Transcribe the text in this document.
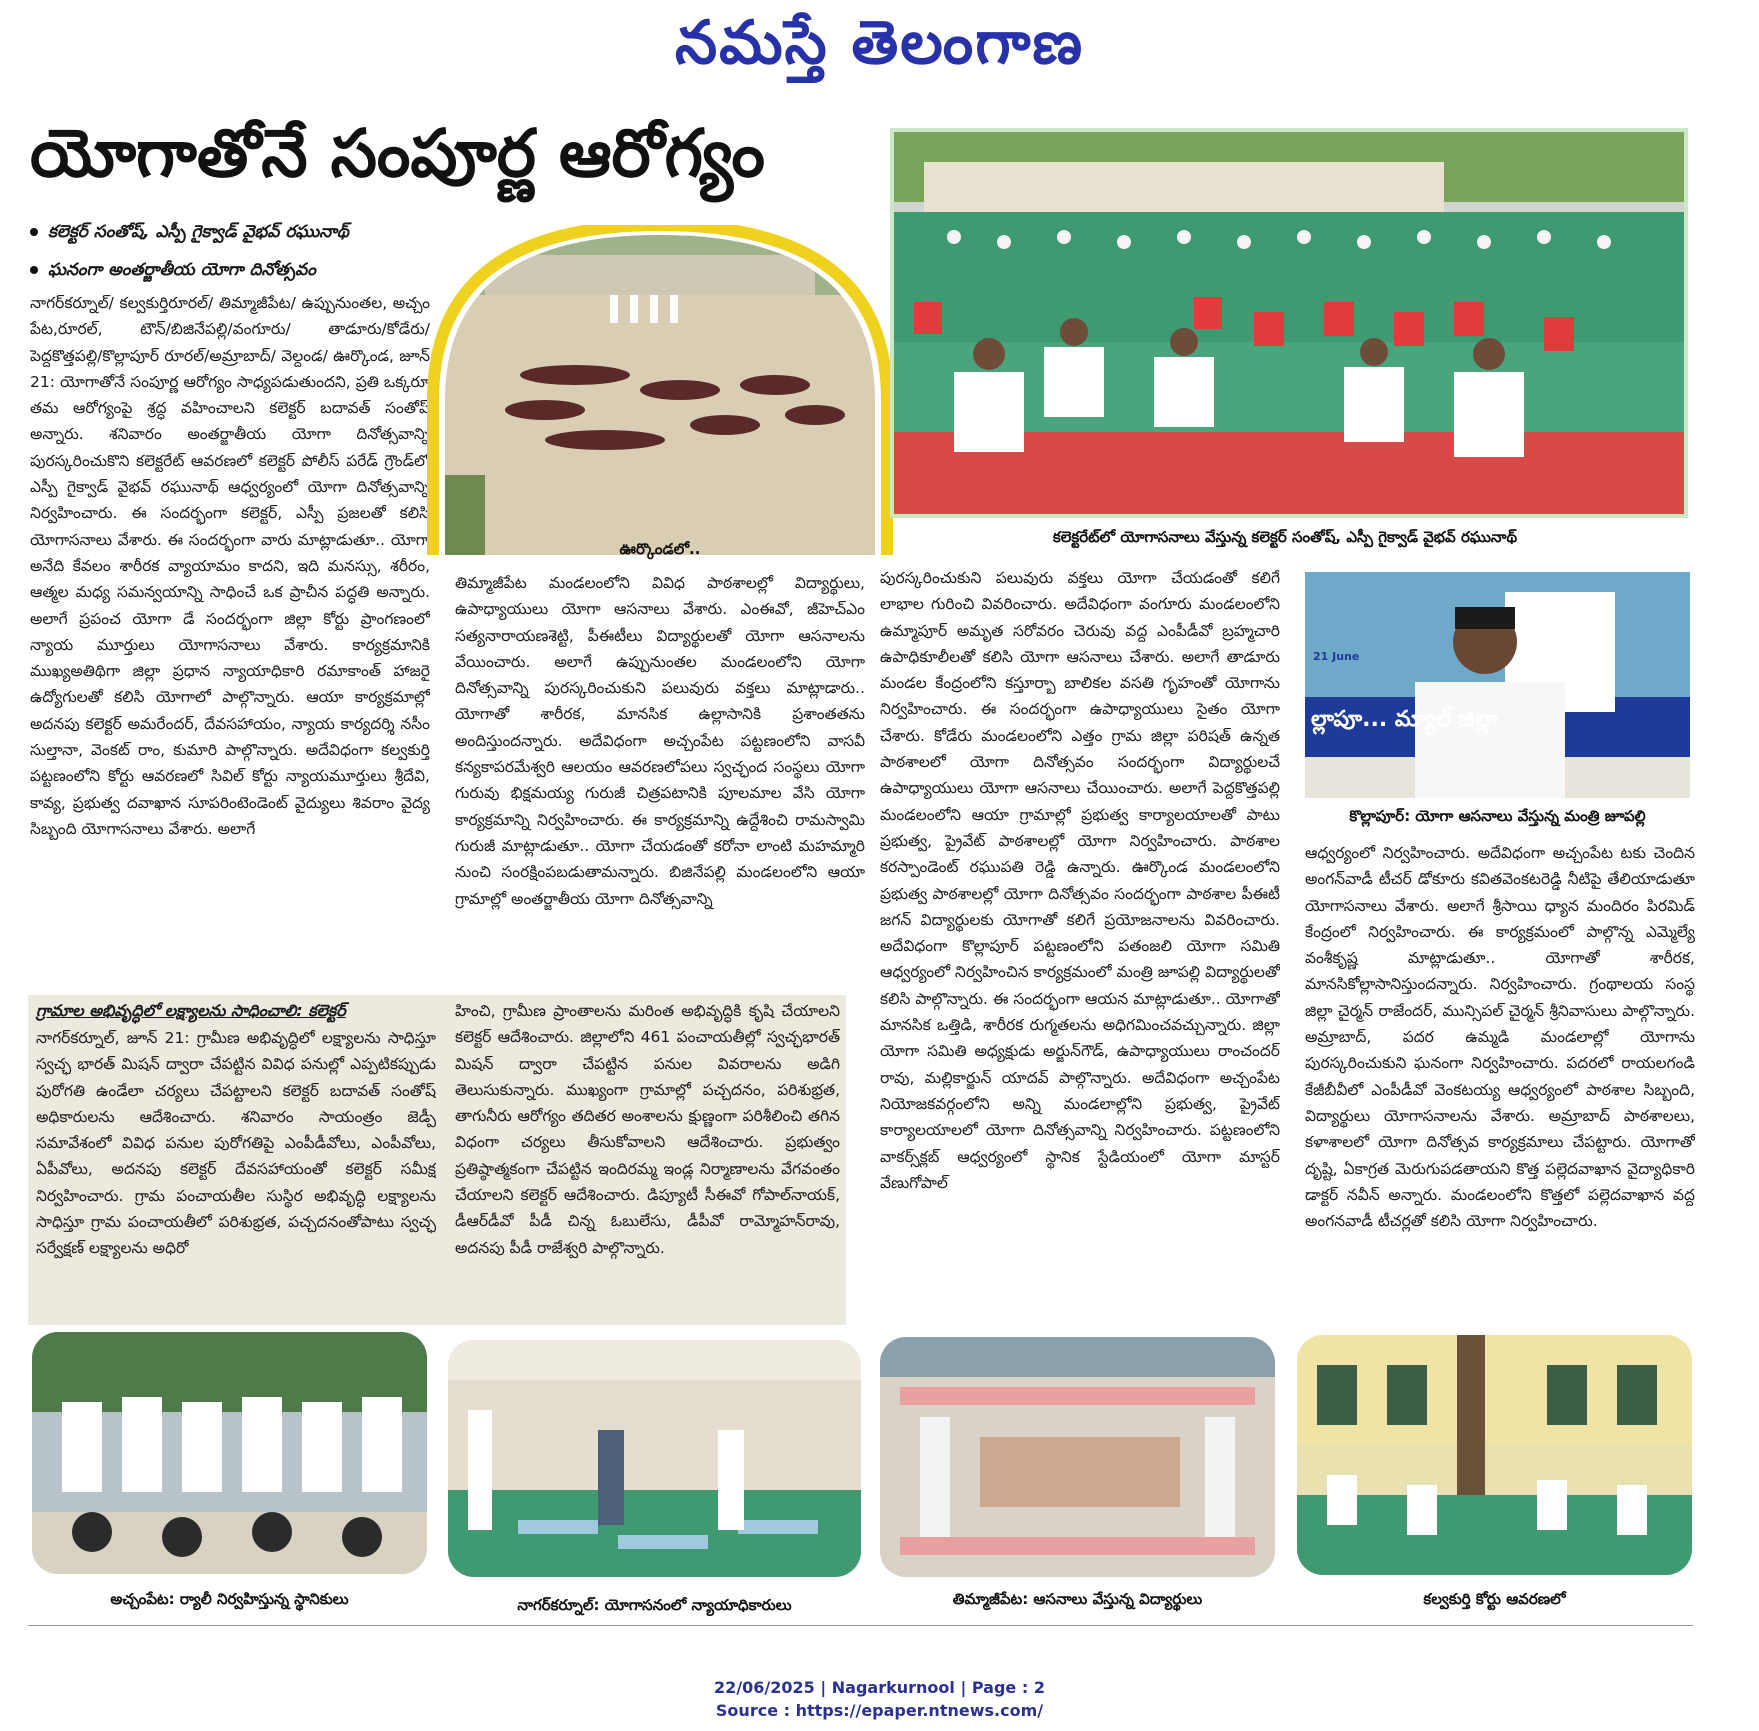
నమస్తే తెలంగాణ
యోగాతోనే సంపూర్ణ ఆరోగ్యం
కలెక్టర్ సంతోష్, ఎస్పీ గైక్వాడ్ వైభవ్ రఘునాథ్
ఘనంగా అంతర్జాతీయ యోగా దినోత్సవం
నాగర్‌కర్నూల్/ కల్వకుర్తిరూరల్/ తిమ్మాజీపేట/ ఉప్పునుంతల, అచ్చం పేట,రూరల్, టౌన్/బిజినేపల్లి/వంగూరు/ తాడూరు/కోడేరు/పెద్దకొత్తపల్లి/కొల్లాపూర్ రూరల్/అమ్రాబాద్/ వెల్దండ/ ఊర్కొండ, జూన్ 21: యోగాతోనే సంపూర్ణ ఆరోగ్యం సాధ్యపడుతుందని, ప్రతి ఒక్కరూ తమ ఆరోగ్యంపై శ్రద్ధ వహించాలని కలెక్టర్ బదావత్ సంతోష్ అన్నారు. శనివారం అంతర్జాతీయ యోగా దినోత్సవాన్ని పురస్కరించుకొని కలెక్టరేట్ ఆవరణలో కలెక్టర్ పోలీస్ పరేడ్ గ్రౌండ్‌లో ఎస్పీ గైక్వాడ్ వైభవ్ రఘునాథ్ ఆధ్వర్యంలో యోగా దినోత్సవాన్ని నిర్వహించారు. ఈ సందర్భంగా కలెక్టర్, ఎస్పీ ప్రజలతో కలిసి యోగాసనాలు వేశారు. ఈ సందర్భంగా వారు మాట్లాడుతూ.. యోగా అనేది కేవలం శారీరక వ్యాయామం కాదని, ఇది మనస్సు, శరీరం, ఆత్మల మధ్య సమన్వయాన్ని సాధించే ఒక ప్రాచీన పద్ధతి అన్నారు. అలాగే ప్రపంచ యోగా డే సందర్భంగా జిల్లా కోర్టు ప్రాంగణంలో న్యాయ మూర్తులు యోగాసనాలు వేశారు. కార్యక్రమానికి ముఖ్యఅతిథిగా జిల్లా ప్రధాన న్యాయాధికారి రమాకాంత్ హాజరై ఉద్యోగులతో కలిసి యోగాలో పాల్గొన్నారు. ఆయా కార్యక్రమాల్లో అదనపు కలెక్టర్ అమరేందర్, దేవసహాయం, న్యాయ కార్యదర్శి నసీం సుల్తానా, వెంకట్ రాం, కుమారి పాల్గొన్నారు. అదేవిధంగా కల్వకుర్తి పట్టణంలోని కోర్టు ఆవరణలో సివిల్ కోర్టు న్యాయమూర్తులు శ్రీదేవి, కావ్య, ప్రభుత్వ దవాఖాన సూపరింటెండెంట్ వైద్యులు శివరాం వైద్య సిబ్బంది యోగాసనాలు వేశారు. అలాగే
ఊర్కొండలో..
కలెక్టరేట్‌లో యోగాసనాలు వేస్తున్న కలెక్టర్ సంతోష్, ఎస్పీ గైక్వాడ్ వైభవ్ రఘునాథ్
తిమ్మాజీపేట మండలంలోని వివిధ పాఠశాలల్లో విద్యార్థులు, ఉపాధ్యాయులు యోగా ఆసనాలు వేశారు. ఎంఈవో, జీహెచ్‌ఎం సత్యనారాయణశెట్టి, పీఈటీలు విద్యార్థులతో యోగా ఆసనాలను వేయించారు. అలాగే ఉప్పునుంతల మండలంలోని యోగా దినోత్సవాన్ని పురస్కరించుకుని పలువురు వక్తలు మాట్లాడారు.. యోగాతో శారీరక, మానసిక ఉల్లాసానికి ప్రశాంతతను అందిస్తుందన్నారు. అదేవిధంగా అచ్చంపేట పట్టణంలోని వాసవీ కన్యకాపరమేశ్వరి ఆలయం ఆవరణలోపలు స్వచ్ఛంద సంస్థలు యోగా గురువు భిక్షమయ్య గురుజీ చిత్రపటానికి పూలమాల వేసి యోగా కార్యక్రమాన్ని నిర్వహించారు. ఈ కార్యక్రమాన్ని ఉద్దేశించి రామస్వామి గురుజీ మాట్లాడుతూ.. యోగా చేయడంతో కరోనా లాంటి మహమ్మారి నుంచి సంరక్షింపబడుతామన్నారు. బిజినేపల్లి మండలంలోని ఆయా గ్రామాల్లో అంతర్జాతీయ యోగా దినోత్సవాన్ని
పురస్కరించుకుని పలువురు వక్తలు యోగా చేయడంతో కలిగే లాభాల గురించి వివరించారు. అదేవిధంగా వంగూరు మండలంలోని ఉమ్మాపూర్ అమృత సరోవరం చెరువు వద్ద ఎంపీడీవో బ్రహ్మచారి ఉపాధికూలీలతో కలిసి యోగా ఆసనాలు చేశారు. అలాగే తాడూరు మండల కేంద్రంలోని కస్తూర్బా బాలికల వసతి గృహంతో యోగాను నిర్వహించారు. ఈ సందర్భంగా ఉపాధ్యాయులు సైతం యోగా చేశారు. కోడేరు మండలంలోని ఎత్తం గ్రామ జిల్లా పరిషత్ ఉన్నత పాఠశాలలో యోగా దినోత్సవం సందర్భంగా విద్యార్థులచే ఉపాధ్యాయులు యోగా ఆసనాలు చేయించారు. అలాగే పెద్దకొత్తపల్లి మండలంలోని ఆయా గ్రామాల్లో ప్రభుత్వ కార్యాలయాలతో పాటు ప్రభుత్వ, ప్రైవేట్ పాఠశాలల్లో యోగా నిర్వహించారు. పాఠశాల కరస్పాండెంట్ రఘుపతి రెడ్డి ఉన్నారు. ఊర్కొండ మండలంలోని ప్రభుత్వ పాఠశాలల్లో యోగా దినోత్సవం సందర్భంగా పాఠశాల పీఈటీ జగన్ విద్యార్థులకు యోగాతో కలిగే ప్రయోజనాలను వివరించారు. అదేవిధంగా కొల్లాపూర్ పట్టణంలోని పతంజలి యోగా సమితి ఆధ్వర్యంలో నిర్వహించిన కార్యక్రమంలో మంత్రి జూపల్లి విద్యార్థులతో కలిసి పాల్గొన్నారు. ఈ సందర్భంగా ఆయన మాట్లాడుతూ.. యోగాతో మానసిక ఒత్తిడి, శారీరక రుగ్మతలను అధిగమించవచ్చున్నారు. జిల్లా యోగా సమితి అధ్యక్షుడు అర్జున్‌గౌడ్, ఉపాధ్యాయులు రాంచందర్ రావు, మల్లికార్జున్ యాదవ్ పాల్గొన్నారు. అదేవిధంగా అచ్చంపేట నియోజకవర్గంలోని అన్ని మండలాల్లోని ప్రభుత్వ, ప్రైవేట్ కార్యాలయాలలో యోగా దినోత్సవాన్ని నిర్వహించారు. పట్టణంలోని వాకర్స్‌క్లబ్ ఆధ్వర్యంలో స్థానిక స్టేడియంలో యోగా మాస్టర్ వేణుగోపాల్
21 June
ల్లాపూ... మ్యాల్ జిల్లా
కొల్లాపూర్: యోగా ఆసనాలు వేస్తున్న మంత్రి జూపల్లి
ఆధ్వర్యంలో నిర్వహించారు. అదేవిధంగా అచ్చంపేట టకు చెందిన అంగన్‌వాడీ టీచర్ డోకూరు కవితవెంకటరెడ్డి నీటిపై తేలియాడుతూ యోగాసనాలు వేశారు. అలాగే శ్రీసాయి ధ్యాన మందిరం పిరమిడ్ కేంద్రంలో నిర్వహించారు. ఈ కార్యక్రమంలో పాల్గొన్న ఎమ్మెల్యే వంశీకృష్ణ మాట్లాడుతూ.. యోగాతో శారీరక, మానసికోల్లాసానిస్తుందన్నారు. నిర్వహించారు. గ్రంథాలయ సంస్థ జిల్లా చైర్మన్ రాజేందర్, మున్సిపల్ చైర్మన్ శ్రీనివాసులు పాల్గొన్నారు. అమ్రాబాద్, పదర ఉమ్మడి మండలాల్లో యోగాను పురస్కరించుకుని ఘనంగా నిర్వహించారు. పదరలో రాయలగండి కేజీబీవీలో ఎంపీడీవో వెంకటయ్య ఆధ్వర్యంలో పాఠశాల సిబ్బంది, విద్యార్థులు యోగాసనాలను వేశారు. అమ్రాబాద్ పాఠశాలలు, కళాశాలలో యోగా దినోత్సవ కార్యక్రమాలు చేపట్టారు. యోగాతో దృష్టి, ఏకాగ్రత మెరుగుపడతాయని కొత్త పల్లెదవాఖాన వైద్యాధికారి డాక్టర్ నవీన్ అన్నారు. మండలంలోని కొత్తలో పల్లెదవాఖాన వద్ద అంగనవాడీ టీచర్లతో కలిసి యోగా నిర్వహించారు.
గ్రామాల అభివృద్ధిలో లక్ష్యాలను సాధించాలి: కలెక్టర్
నాగర్‌కర్నూల్, జూన్ 21: గ్రామీణ అభివృద్ధిలో లక్ష్యాలను సాధిస్తూ స్వచ్ఛ భారత్ మిషన్ ద్వారా చేపట్టిన వివిధ పనుల్లో ఎప్పటికప్పుడు పురోగతి ఉండేలా చర్యలు చేపట్టాలని కలెక్టర్ బదావత్ సంతోష్ అధికారులను ఆదేశించారు. శనివారం సాయంత్రం జెడ్పీ సమావేశంలో వివిధ పనుల పురోగతిపై ఎంపీడీవోలు, ఎంపీవోలు, ఏపీవోలు, అదనపు కలెక్టర్ దేవసహాయంతో కలెక్టర్ సమీక్ష నిర్వహించారు. గ్రామ పంచాయతీల సుస్థిర అభివృద్ధి లక్ష్యాలను సాధిస్తూ గ్రామ పంచాయతీలో పరిశుభ్రత, పచ్చదనంతోపాటు స్వచ్ఛ సర్వేక్షణ్ లక్ష్యాలను అధిరో
హించి, గ్రామీణ ప్రాంతాలను మరింత అభివృద్ధికి కృషి చేయాలని కలెక్టర్ ఆదేశించారు. జిల్లాలోని 461 పంచాయతీల్లో స్వచ్ఛభారత్ మిషన్ ద్వారా చేపట్టిన పనుల వివరాలను అడిగి తెలుసుకున్నారు. ముఖ్యంగా గ్రామాల్లో పచ్చదనం, పరిశుభ్రత, తాగునీరు ఆరోగ్యం తదితర అంశాలను క్షుణ్ణంగా పరిశీలించి తగిన విధంగా చర్యలు తీసుకోవాలని ఆదేశించారు. ప్రభుత్వం ప్రతిష్ఠాత్మకంగా చేపట్టిన ఇందిరమ్మ ఇండ్ల నిర్మాణాలను వేగవంతం చేయాలని కలెక్టర్ ఆదేశించారు. డిప్యూటీ సీఈవో గోపాల్‌నాయక్, డీఆర్‌డీవో పీడీ చిన్న ఓబులేసు, డీపీవో రామ్మోహన్‌రావు, అదనపు పీడీ రాజేశ్వరి పాల్గొన్నారు.
అచ్చంపేట: ర్యాలీ నిర్వహిస్తున్న స్థానికులు	నాగర్‌కర్నూల్: యోగాసనంలో న్యాయాధికారులు	తిమ్మాజీపేట: ఆసనాలు వేస్తున్న విద్యార్థులు	కల్వకుర్తి కోర్టు ఆవరణలో
22/06/2025 | Nagarkurnool | Page : 2
Source : https://epaper.ntnews.com/
